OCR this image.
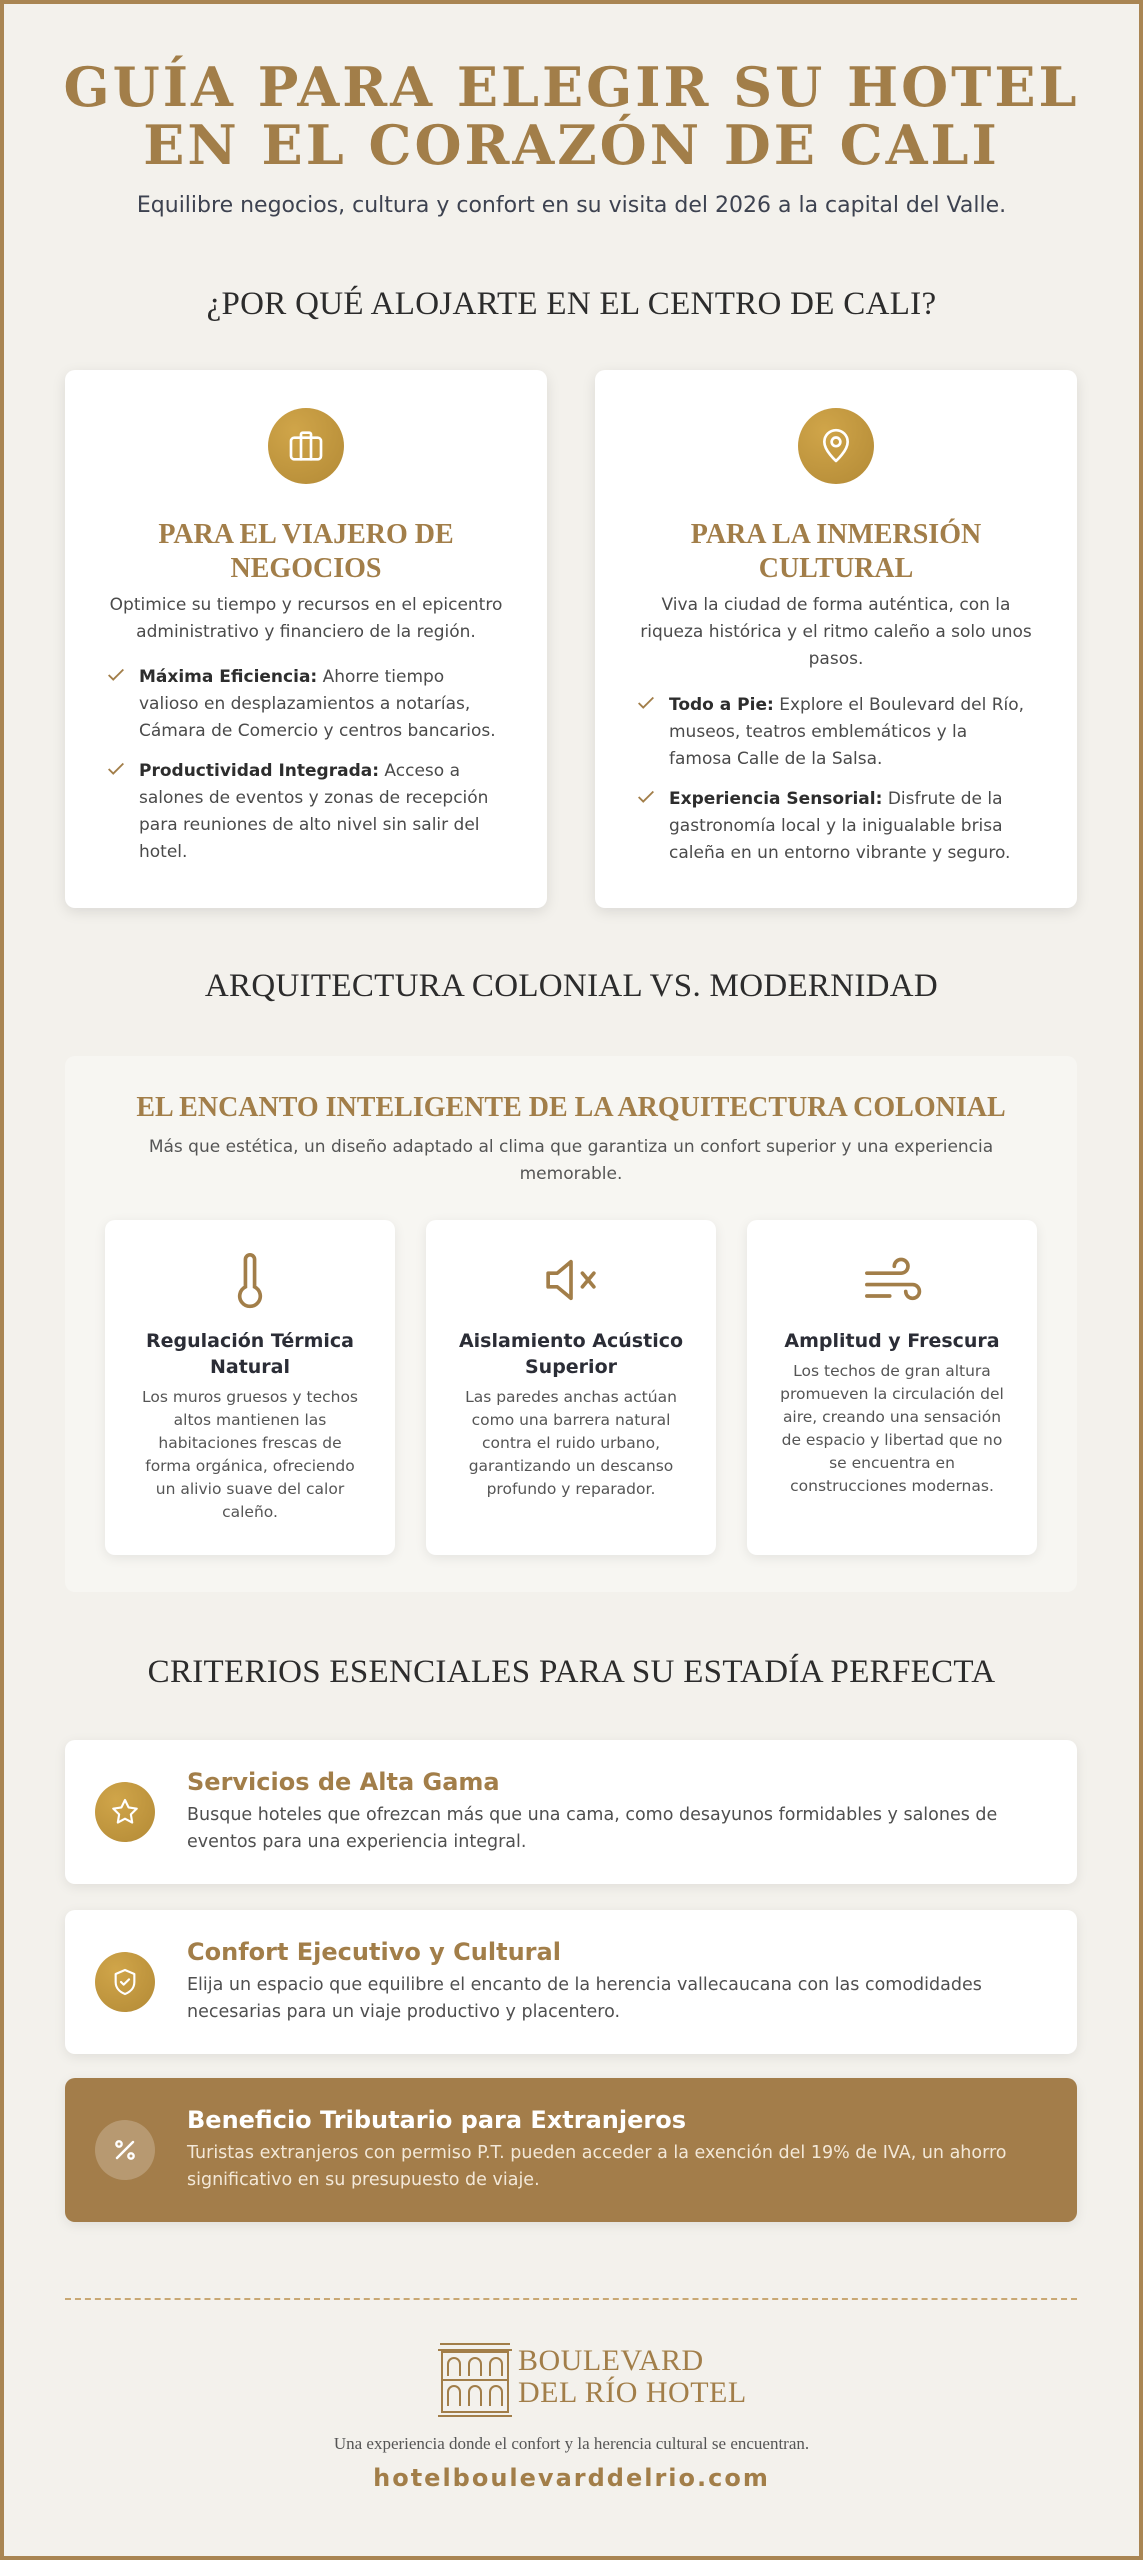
GUÍA PARA ELEGIR SU HOTEL
EN EL CORAZÓN DE CALI
Equilibre negocios, cultura y confort en su visita del 2026 a la capital del Valle.
¿POR QUÉ ALOJARTE EN EL CENTRO DE CALI?
PARA EL VIAJERO DE
NEGOCIOS
Optimice su tiempo y recursos en el epicentro administrativo y financiero de la región.
Máxima Eficiencia: Ahorre tiempo valioso en desplazamientos a notarías, Cámara de Comercio y centros bancarios.
Productividad Integrada: Acceso a salones de eventos y zonas de recepción para reuniones de alto nivel sin salir del hotel.
PARA LA INMERSIÓN
CULTURAL
Viva la ciudad de forma auténtica, con la riqueza histórica y el ritmo caleño a solo unos pasos.
Todo a Pie: Explore el Boulevard del Río, museos, teatros emblemáticos y la famosa Calle de la Salsa.
Experiencia Sensorial: Disfrute de la gastronomía local y la inigualable brisa caleña en un entorno vibrante y seguro.
ARQUITECTURA COLONIAL VS. MODERNIDAD
EL ENCANTO INTELIGENTE DE LA ARQUITECTURA COLONIAL
Más que estética, un diseño adaptado al clima que garantiza un confort superior y una experiencia memorable.
Regulación Térmica
Natural
Los muros gruesos y techos altos mantienen las habitaciones frescas de forma orgánica, ofreciendo un alivio suave del calor caleño.
Aislamiento Acústico
Superior
Las paredes anchas actúan como una barrera natural contra el ruido urbano, garantizando un descanso profundo y reparador.
Amplitud y Frescura
Los techos de gran altura promueven la circulación del aire, creando una sensación de espacio y libertad que no se encuentra en construcciones modernas.
CRITERIOS ESENCIALES PARA SU ESTADÍA PERFECTA
Servicios de Alta Gama
Busque hoteles que ofrezcan más que una cama, como desayunos formidables y salones de eventos para una experiencia integral.
Confort Ejecutivo y Cultural
Elija un espacio que equilibre el encanto de la herencia vallecaucana con las comodidades necesarias para un viaje productivo y placentero.
Beneficio Tributario para Extranjeros
Turistas extranjeros con permiso P.T. pueden acceder a la exención del 19% de IVA, un ahorro significativo en su presupuesto de viaje.
BOULEVARD
DEL RÍO HOTEL
Una experiencia donde el confort y la herencia cultural se encuentran.
hotelboulevarddelrio.com
